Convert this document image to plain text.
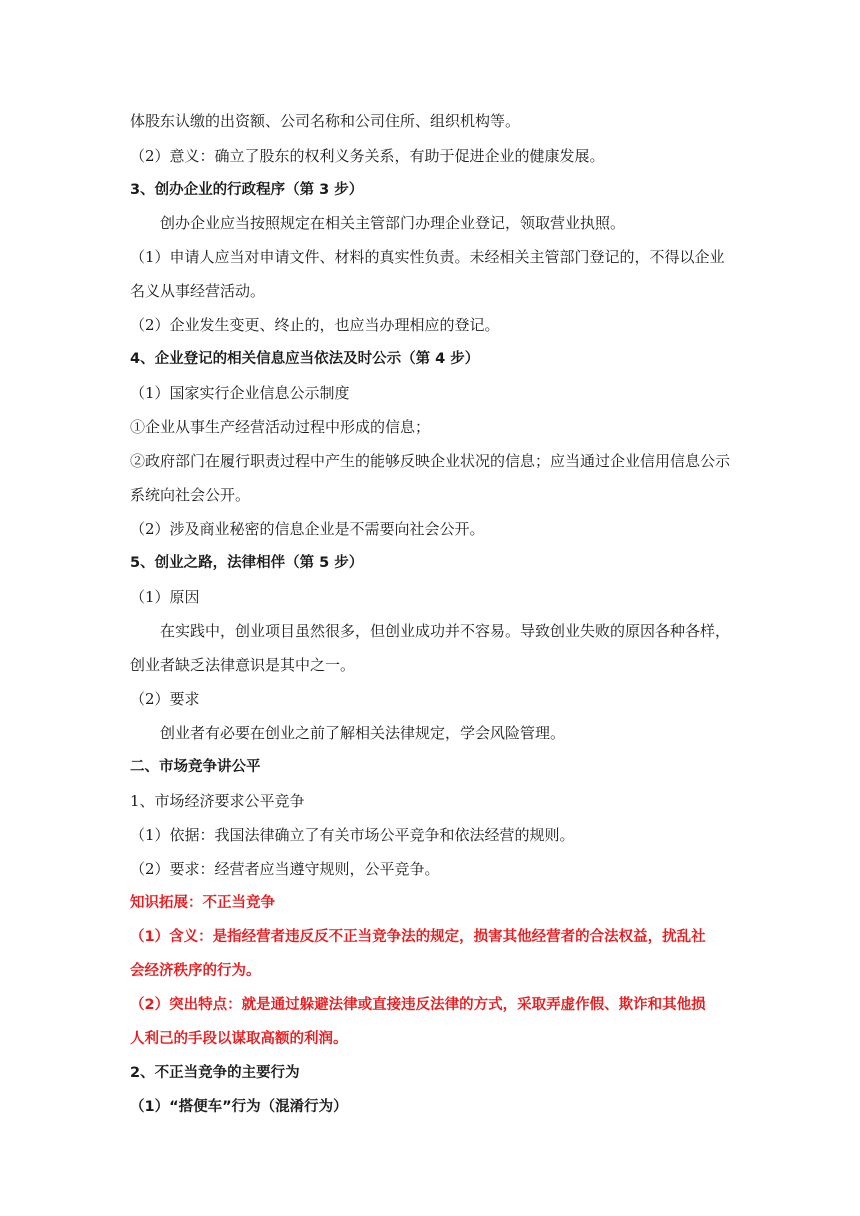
体股东认缴的出资额、公司名称和公司住所、组织机构等。

（2）意义：确立了股东的权利义务关系，有助于促进企业的健康发展。

3、创办企业的行政程序（第 3 步）

创办企业应当按照规定在相关主管部门办理企业登记，领取营业执照。

（1）申请人应当对申请文件、材料的真实性负责。未经相关主管部门登记的，不得以企业

名义从事经营活动。

（2）企业发生变更、终止的，也应当办理相应的登记。

4、企业登记的相关信息应当依法及时公示（第 4 步）

（1）国家实行企业信息公示制度

①企业从事生产经营活动过程中形成的信息；

②政府部门在履行职责过程中产生的能够反映企业状况的信息；应当通过企业信用信息公示

系统向社会公开。

（2）涉及商业秘密的信息企业是不需要向社会公开。

5、创业之路，法律相伴（第 5 步）

（1）原因

在实践中，创业项目虽然很多，但创业成功并不容易。导致创业失败的原因各种各样，

创业者缺乏法律意识是其中之一。

（2）要求

创业者有必要在创业之前了解相关法律规定，学会风险管理。

二、市场竞争讲公平

1、市场经济要求公平竞争

（1）依据：我国法律确立了有关市场公平竞争和依法经营的规则。

（2）要求：经营者应当遵守规则，公平竞争。

知识拓展：不正当竞争

（1）含义：是指经营者违反反不正当竞争法的规定，损害其他经营者的合法权益，扰乱社

会经济秩序的行为。

（2）突出特点：就是通过躲避法律或直接违反法律的方式，采取弄虚作假、欺诈和其他损

人利己的手段以谋取高额的利润。

2、不正当竞争的主要行为

（1）“搭便车”行为（混淆行为）
